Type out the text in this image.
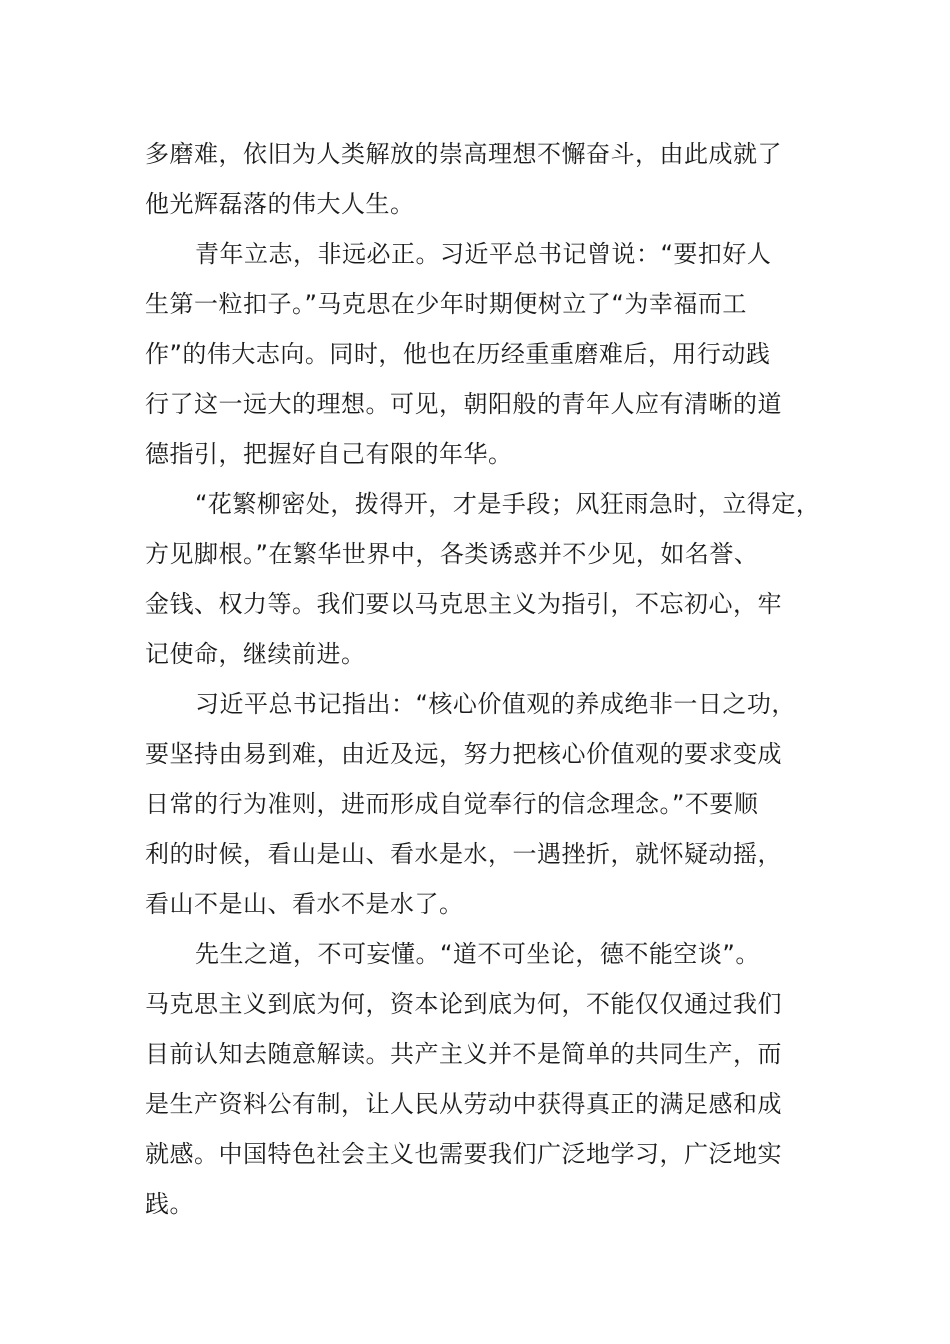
多磨难，依旧为人类解放的崇高理想不懈奋斗，由此成就了
他光辉磊落的伟大人生。
青年立志，非远必正。习近平总书记曾说：“要扣好人
生第一粒扣子。”马克思在少年时期便树立了“为幸福而工
作”的伟大志向。同时，他也在历经重重磨难后，用行动践
行了这一远大的理想。可见，朝阳般的青年人应有清晰的道
德指引，把握好自己有限的年华。
“花繁柳密处，拨得开，才是手段；风狂雨急时，立得定，
方见脚根。”在繁华世界中，各类诱惑并不少见，如名誉、
金钱、权力等。我们要以马克思主义为指引，不忘初心，牢
记使命，继续前进。
习近平总书记指出：“核心价值观的养成绝非一日之功，
要坚持由易到难，由近及远，努力把核心价值观的要求变成
日常的行为准则，进而形成自觉奉行的信念理念。”不要顺
利的时候，看山是山、看水是水，一遇挫折，就怀疑动摇，
看山不是山、看水不是水了。
先生之道，不可妄懂。“道不可坐论，德不能空谈”。
马克思主义到底为何，资本论到底为何，不能仅仅通过我们
目前认知去随意解读。共产主义并不是简单的共同生产，而
是生产资料公有制，让人民从劳动中获得真正的满足感和成
就感。中国特色社会主义也需要我们广泛地学习，广泛地实
践。
